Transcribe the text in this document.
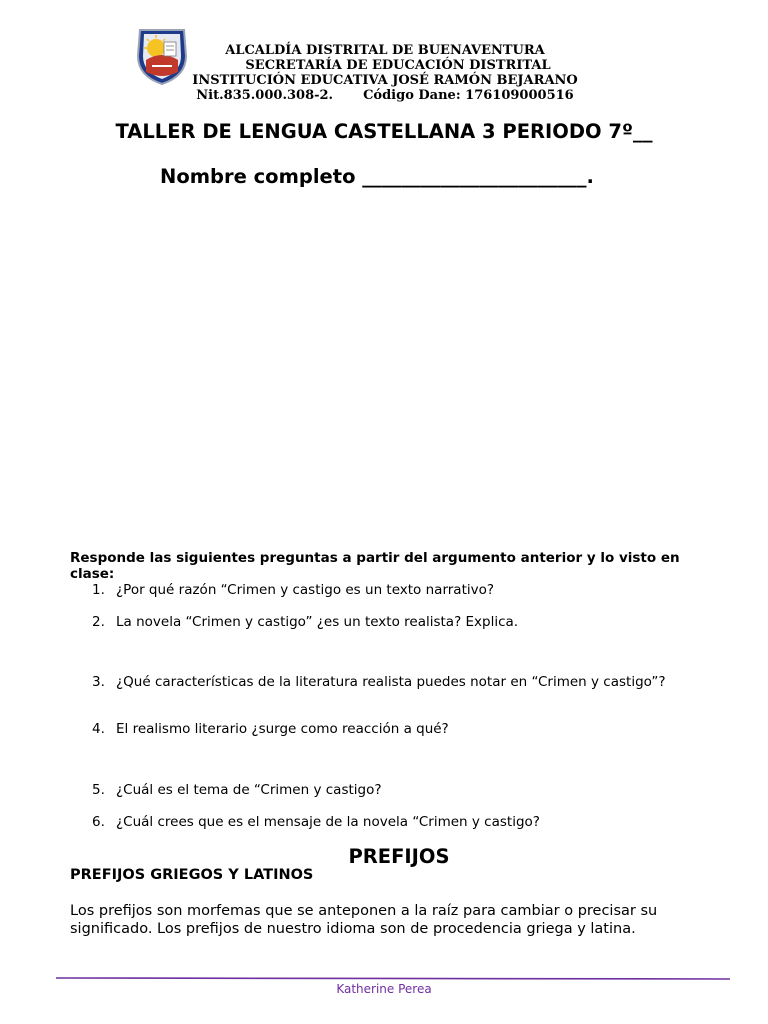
ALCALDÍA DISTRITAL DE BUENAVENTURA
SECRETARÍA DE EDUCACIÓN DISTRITAL
INSTITUCIÓN EDUCATIVA JOSÉ RAMÓN BEJARANO
Nit.835.000.308-2. Código Dane: 176109000516
TALLER DE LENGUA CASTELLANA 3 PERIODO 7º__
Nombre completo _______________________.
Responde las siguientes preguntas a partir del argumento anterior y lo visto en clase:
1. ¿Por qué razón “Crimen y castigo es un texto narrativo?
2. La novela “Crimen y castigo” ¿es un texto realista? Explica.
3. ¿Qué características de la literatura realista puedes notar en “Crimen y castigo”?
4. El realismo literario ¿surge como reacción a qué?
5. ¿Cuál es el tema de “Crimen y castigo?
6. ¿Cuál crees que es el mensaje de la novela “Crimen y castigo?
PREFIJOS
PREFIJOS GRIEGOS Y LATINOS

Los prefijos son morfemas que se anteponen a la raíz para cambiar o precisar su significado. Los prefijos de nuestro idioma son de procedencia griega y latina.

Katherine Perea
